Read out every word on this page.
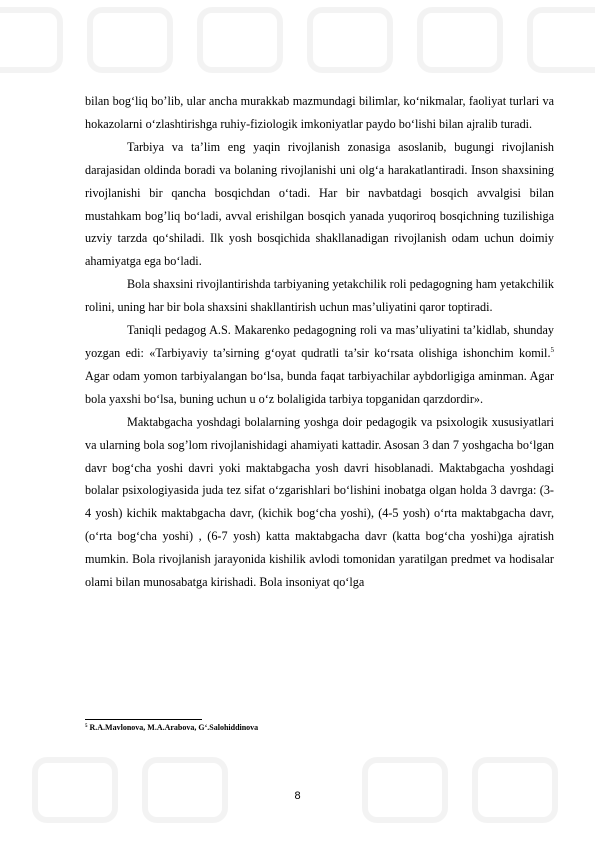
bilan bog‘liq bo’lib, ular ancha murakkab mazmundagi bilimlar, ko‘nikmalar, faoliyat turlari va hokazolarni o‘zlashtirishga ruhiy-fiziologik imkoniyatlar paydo bo‘lishi bilan ajralib turadi.

Tarbiya va ta’lim eng yaqin rivojlanish zonasiga asoslanib, bugungi rivojlanish darajasidan oldinda boradi va bolaning rivojlanishi uni olg‘a harakatlantiradi. Inson shaxsining rivojlanishi bir qancha bosqichdan o‘tadi. Har bir navbatdagi bosqich avvalgisi bilan mustahkam bog’liq bo‘ladi, avval erishilgan bosqich yanada yuqoriroq bosqichning tuzilishiga uzviy tarzda qo‘shiladi. Ilk yosh bosqichida shakllanadigan rivojlanish odam uchun doimiy ahamiyatga ega bo‘ladi.

Bola shaxsini rivojlantirishda tarbiyaning yetakchilik roli pedagogning ham yetakchilik rolini, uning har bir bola shaxsini shakllantirish uchun mas’uliyatini qaror toptiradi.

Taniqli pedagog A.S. Makarenko pedagogning roli va mas’uliyatini ta’kidlab, shunday yozgan edi: «Tarbiyaviy ta’sirning g‘oyat qudratli ta’sir ko‘rsata olishiga ishonchim komil.$^5$ Agar odam yomon tarbiyalangan bo‘lsa, bunda faqat tarbiyachilar aybdorligiga aminman. Agar bola yaxshi bo‘lsa, buning uchun u o‘z bolaligida tarbiya topganidan qarzdordir».

Maktabgacha yoshdagi bolalarning yoshga doir pedagogik va psixologik xususiyatlari va ularning bola sog’lom rivojlanishidagi ahamiyati kattadir. Asosan 3 dan 7 yoshgacha bo‘lgan davr bog‘cha yoshi davri yoki maktabgacha yosh davri hisoblanadi. Maktabgacha yoshdagi bolalar psixologiyasida juda tez sifat o‘zgarishlari bo‘lishini inobatga olgan holda 3 davrga: (3-4 yosh) kichik maktabgacha davr, (kichik bog‘cha yoshi), (4-5 yosh) o‘rta maktabgacha davr, (o‘rta bog‘cha yoshi) , (6-7 yosh) katta maktabgacha davr (katta bog‘cha yoshi)ga ajratish mumkin. Bola rivojlanish jarayonida kishilik avlodi tomonidan yaratilgan predmet va hodisalar olami bilan munosabatga kirishadi. Bola insoniyat qo‘lga

$^5$ R.A.Mavlonova, M.A.Arabova, G‘.Salohiddinova
8
